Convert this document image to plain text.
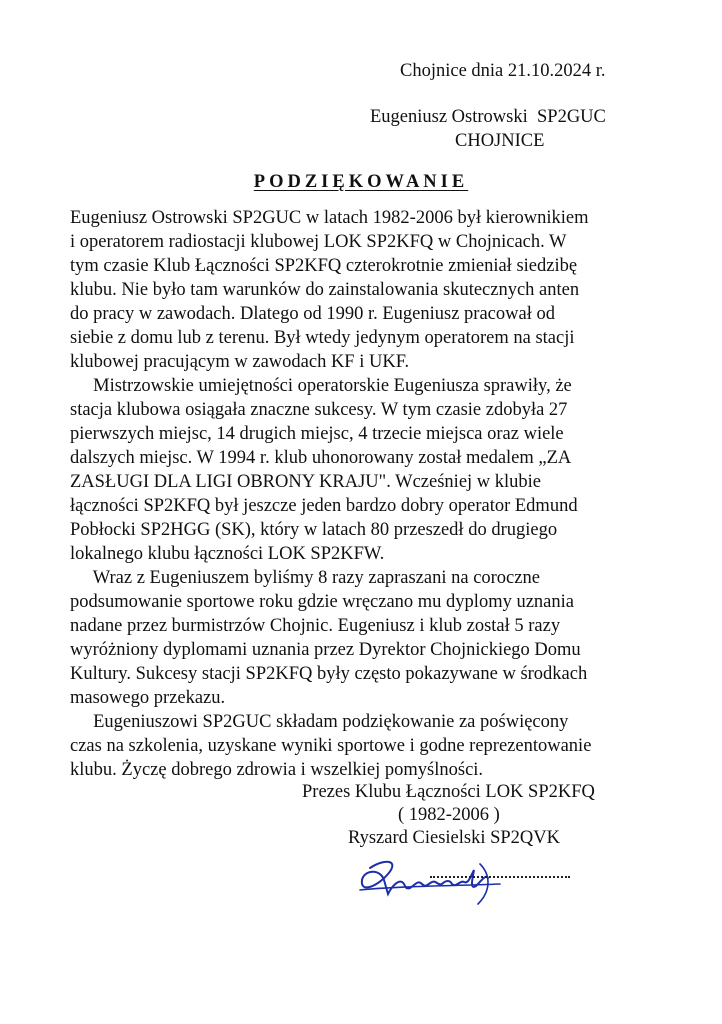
Chojnice dnia 21.10.2024 r.
Eugeniusz Ostrowski  SP2GUC
CHOJNICE
PODZIĘKOWANIE
Eugeniusz Ostrowski SP2GUC w latach 1982-2006 był kierownikiem
i operatorem radiostacji klubowej LOK SP2KFQ w Chojnicach. W
tym czasie Klub Łączności SP2KFQ czterokrotnie zmieniał siedzibę
klubu. Nie było tam warunków do zainstalowania skutecznych anten
do pracy w zawodach. Dlatego od 1990 r. Eugeniusz pracował od
siebie z domu lub z terenu. Był wtedy jedynym operatorem na stacji
klubowej pracującym w zawodach KF i UKF.
Mistrzowskie umiejętności operatorskie Eugeniusza sprawiły, że
stacja klubowa osiągała znaczne sukcesy. W tym czasie zdobyła 27
pierwszych miejsc, 14 drugich miejsc, 4 trzecie miejsca oraz wiele
dalszych miejsc. W 1994 r. klub uhonorowany został medalem „ZA
ZASŁUGI DLA LIGI OBRONY KRAJU". Wcześniej w klubie
łączności SP2KFQ był jeszcze jeden bardzo dobry operator Edmund
Pobłocki SP2HGG (SK), który w latach 80 przeszedł do drugiego
lokalnego klubu łączności LOK SP2KFW.
Wraz z Eugeniuszem byliśmy 8 razy zapraszani na coroczne
podsumowanie sportowe roku gdzie wręczano mu dyplomy uznania
nadane przez burmistrzów Chojnic. Eugeniusz i klub został 5 razy
wyróżniony dyplomami uznania przez Dyrektor Chojnickiego Domu
Kultury. Sukcesy stacji SP2KFQ były często pokazywane w środkach
masowego przekazu.
Eugeniuszowi SP2GUC składam podziękowanie za poświęcony
czas na szkolenia, uzyskane wyniki sportowe i godne reprezentowanie
klubu. Życzę dobrego zdrowia i wszelkiej pomyślności.
Prezes Klubu Łączności LOK SP2KFQ
( 1982-2006 )
Ryszard Ciesielski SP2QVK
